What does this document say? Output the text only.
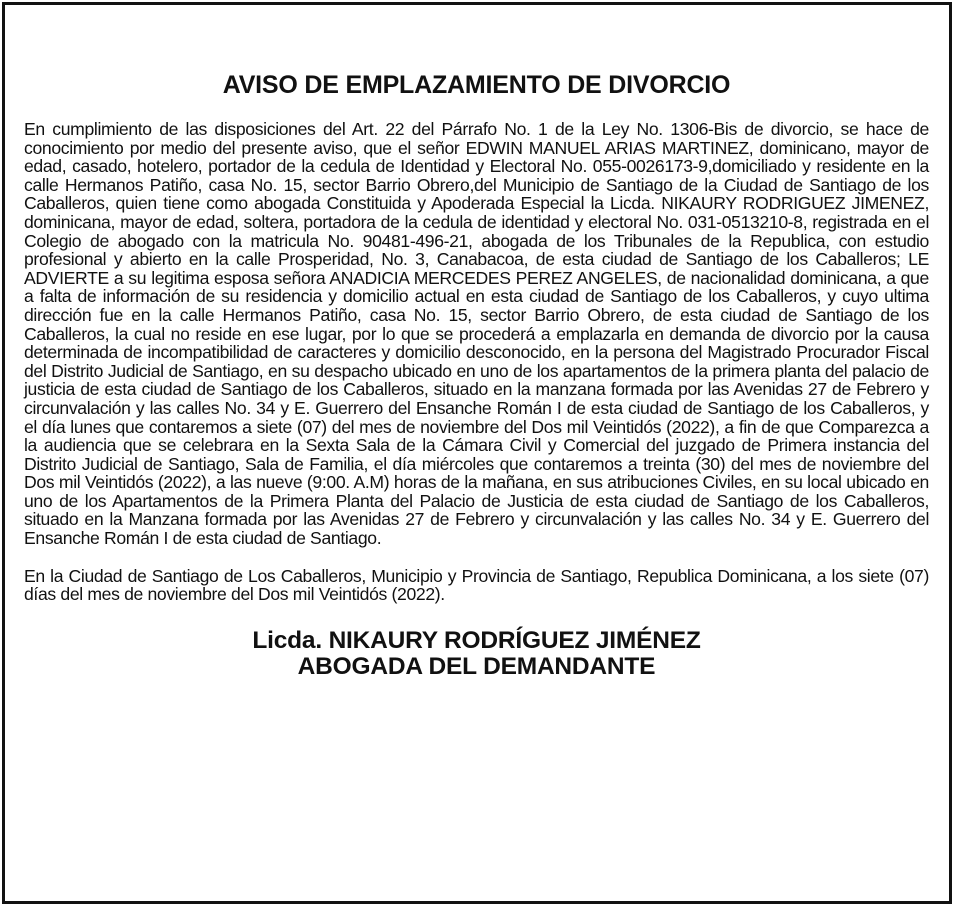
AVISO DE EMPLAZAMIENTO DE DIVORCIO

En cumplimiento de las disposiciones del Art. 22 del Párrafo No. 1 de la Ley No. 1306-Bis de divorcio, se hace de conocimiento por medio del presente aviso, que el señor EDWIN MANUEL ARIAS MARTINEZ, dominicano, mayor de edad, casado, hotelero, portador de la cedula de Identidad y Electoral No. 055-0026173-9,domiciliado y residente en la calle Hermanos Patiño, casa No. 15, sector Barrio Obrero,del Municipio de Santiago de la Ciudad de Santiago de los Caballeros, quien tiene como abogada Constituida y Apoderada Especial la Licda. NIKAURY RODRIGUEZ JIMENEZ, dominicana, mayor de edad, soltera, portadora de la cedula de identidad y electoral No. 031-0513210-8, registrada en el Colegio de abogado con la matricula No. 90481-496-21, abogada de los Tribunales de la Republica, con estudio profesional y abierto en la calle Prosperidad, No. 3, Canabacoa, de esta ciudad de Santiago de los Caballeros; LE ADVIERTE a su legitima esposa señora ANADICIA MERCEDES PEREZ ANGELES, de nacionalidad dominicana, a que a falta de información de su residencia y domicilio actual en esta ciudad de Santiago de los Caballeros, y cuyo ultima dirección fue en la calle Hermanos Patiño, casa No. 15, sector Barrio Obrero, de esta ciudad de Santiago de los Caballeros, la cual no reside en ese lugar, por lo que se procederá a emplazarla en demanda de divorcio por la causa determinada de incompatibilidad de caracteres y domicilio desconocido, en la persona del Magistrado Procurador Fiscal del Distrito Judicial de Santiago, en su despacho ubicado en uno de los apartamentos de la primera planta del palacio de justicia de esta ciudad de Santiago de los Caballeros, situado en la manzana formada por las Avenidas 27 de Febrero y circunvalación y las calles No. 34 y E. Guerrero del Ensanche Román I de esta ciudad de Santiago de los Caballeros, y el día lunes que contaremos a siete (07) del mes de noviembre del Dos mil Veintidós (2022), a fin de que Comparezca a la audiencia que se celebrara en la Sexta Sala de la Cámara Civil y Comercial del juzgado de Primera instancia del Distrito Judicial de Santiago, Sala de Familia, el día miércoles que contaremos a treinta (30) del mes de noviembre del Dos mil Veintidós (2022), a las nueve (9:00. A.M) horas de la mañana, en sus atribuciones Civiles, en su local ubicado en uno de los Apartamentos de la Primera Planta del Palacio de Justicia de esta ciudad de Santiago de los Caballeros, situado en la Manzana formada por las Avenidas 27 de Febrero y circunvalación y las calles No. 34 y E. Guerrero del Ensanche Román I de esta ciudad de Santiago.

En la Ciudad de Santiago de Los Caballeros, Municipio y Provincia de Santiago, Republica Dominicana, a los siete (07) días del mes de noviembre del Dos mil Veintidós (2022).

Licda. NIKAURY RODRÍGUEZ JIMÉNEZ
ABOGADA DEL DEMANDANTE
